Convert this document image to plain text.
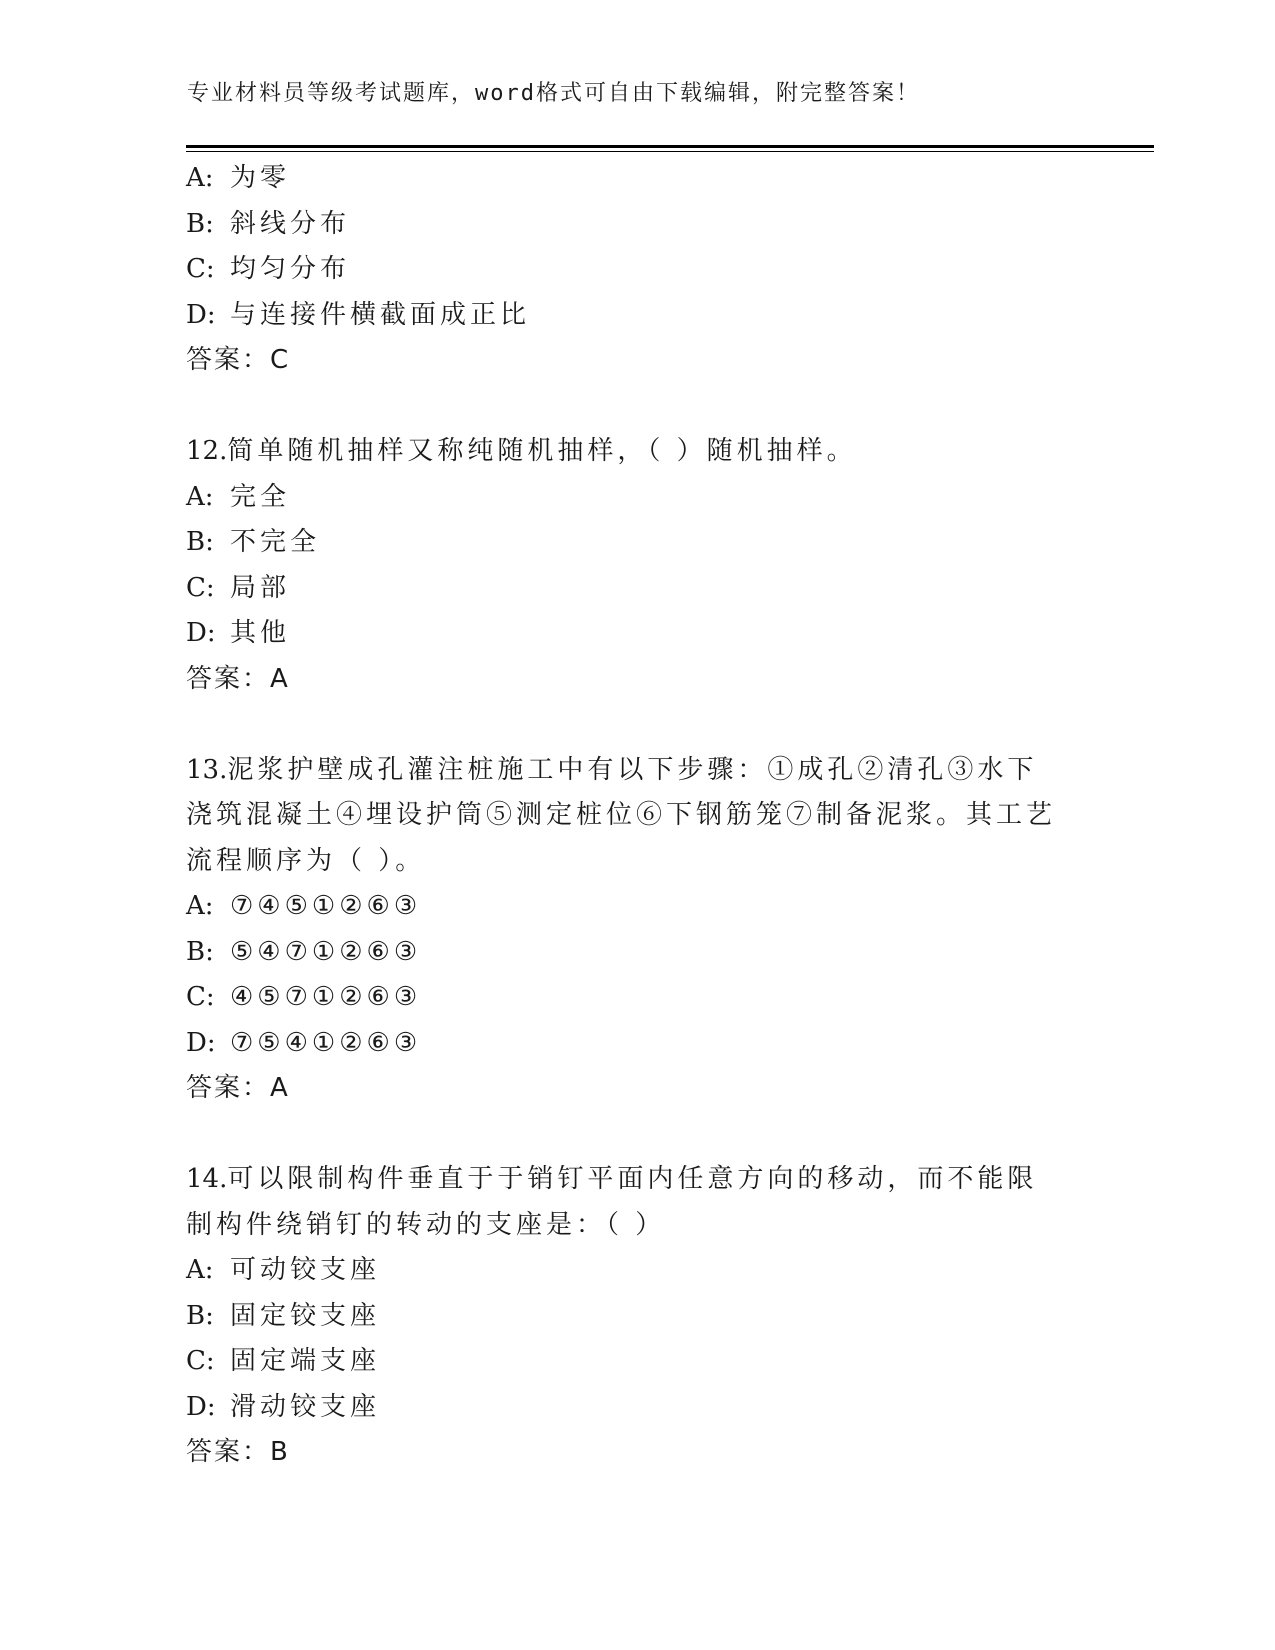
专业材料员等级考试题库，word格式可自由下载编辑，附完整答案！
A: 为零
B: 斜线分布
C: 均匀分布
D: 与连接件横截面成正比
答案：C
12.简单随机抽样又称纯随机抽样，（ ）随机抽样。
A: 完全
B: 不完全
C: 局部
D: 其他
答案：A
13.泥浆护壁成孔灌注桩施工中有以下步骤：①成孔②清孔③水下浇筑混凝土④埋设护筒⑤测定桩位⑥下钢筋笼⑦制备泥浆。其工艺流程顺序为（ ）。
A: ⑦④⑤①②⑥③
B: ⑤④⑦①②⑥③
C: ④⑤⑦①②⑥③
D: ⑦⑤④①②⑥③
答案：A
14.可以限制构件垂直于于销钉平面内任意方向的移动，而不能限制构件绕销钉的转动的支座是：（ ）
A: 可动铰支座
B: 固定铰支座
C: 固定端支座
D: 滑动铰支座
答案：B
